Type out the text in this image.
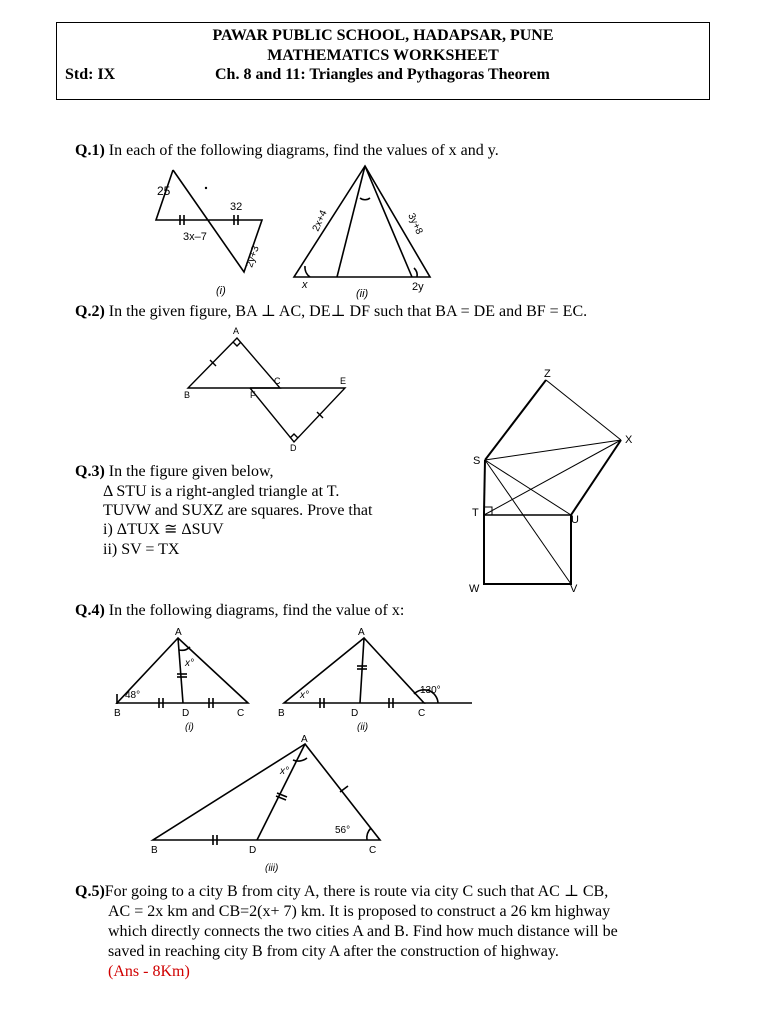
PAWAR PUBLIC SCHOOL, HADAPSAR, PUNE
MATHEMATICS WORKSHEET
Std: IX	Ch. 8 and 11: Triangles and Pythagoras Theorem
Q.1) In each of the following diagrams, find the values of x and y.
25
32
3x–7
2y+3
(i)
2x+4	3y+8
x	2y
(ii)
Q.2) In the given figure, BA ⊥ AC, DE⊥ DF such that BA = DE and BF = EC.
A
B
C	E
F
D
Q.3) In the figure given below,
Δ STU is a right-angled triangle at T.
TUVW and SUXZ are squares. Prove that
i) ΔTUX ≅ ΔSUV
ii) SV = TX
Z
X
S
T
U
W	V
Q.4) In the following diagrams, find the value of x:
A
B	C
D
48°
x°
(i)
A
B	C
D
130°
x°
(ii)
A
B	C
D
56°
x°
(iii)
Q.5)For going to a city B from city A, there is route via city C such that AC ⊥ CB,
AC = 2x km and CB=2(x+ 7) km. It is proposed to construct a 26 km highway
which directly connects the two cities A and B. Find how much distance will be
saved in reaching city B from city A after the construction of highway.
(Ans - 8Km)
